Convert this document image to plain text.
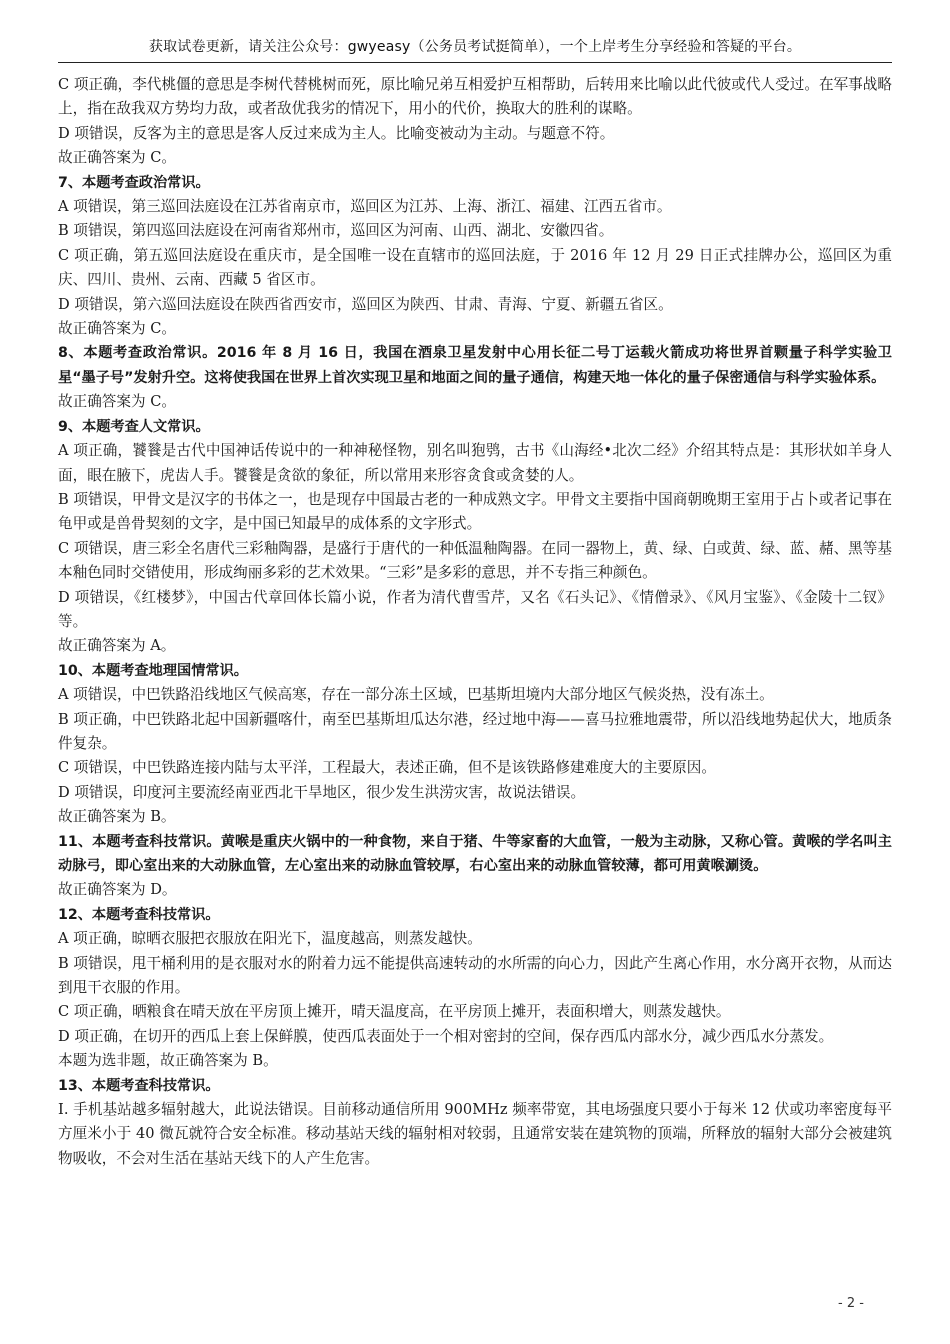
获取试卷更新，请关注公众号：gwyeasy（公务员考试挺简单），一个上岸考生分享经验和答疑的平台。

C 项正确，李代桃僵的意思是李树代替桃树而死，原比喻兄弟互相爱护互相帮助，后转用来比喻以此代彼或代人受过。在军事战略上，指在敌我双方势均力敌，或者敌优我劣的情况下，用小的代价，换取大的胜利的谋略。

D 项错误，反客为主的意思是客人反过来成为主人。比喻变被动为主动。与题意不符。

故正确答案为 C。

7、本题考查政治常识。

A 项错误，第三巡回法庭设在江苏省南京市，巡回区为江苏、上海、浙江、福建、江西五省市。

B 项错误，第四巡回法庭设在河南省郑州市，巡回区为河南、山西、湖北、安徽四省。

C 项正确，第五巡回法庭设在重庆市，是全国唯一设在直辖市的巡回法庭，于 2016 年 12 月 29 日正式挂牌办公，巡回区为重庆、四川、贵州、云南、西藏 5 省区市。

D 项错误，第六巡回法庭设在陕西省西安市，巡回区为陕西、甘肃、青海、宁夏、新疆五省区。

故正确答案为 C。

8、本题考查政治常识。2016 年 8 月 16 日，我国在酒泉卫星发射中心用长征二号丁运载火箭成功将世界首颗量子科学实验卫星“墨子号”发射升空。这将使我国在世界上首次实现卫星和地面之间的量子通信，构建天地一体化的量子保密通信与科学实验体系。

故正确答案为 C。

9、本题考查人文常识。

A 项正确，饕餮是古代中国神话传说中的一种神秘怪物，别名叫狍鸮，古书《山海经•北次二经》介绍其特点是：其形状如羊身人面，眼在腋下，虎齿人手。饕餮是贪欲的象征，所以常用来形容贪食或贪婪的人。

B 项错误，甲骨文是汉字的书体之一，也是现存中国最古老的一种成熟文字。甲骨文主要指中国商朝晚期王室用于占卜或者记事在龟甲或是兽骨契刻的文字，是中国已知最早的成体系的文字形式。

C 项错误，唐三彩全名唐代三彩釉陶器，是盛行于唐代的一种低温釉陶器。在同一器物上，黄、绿、白或黄、绿、蓝、赭、黑等基本釉色同时交错使用，形成绚丽多彩的艺术效果。“三彩”是多彩的意思，并不专指三种颜色。

D 项错误，《红楼梦》，中国古代章回体长篇小说，作者为清代曹雪芹，又名《石头记》、《情僧录》、《风月宝鉴》、《金陵十二钗》等。

故正确答案为 A。

10、本题考查地理国情常识。

A 项错误，中巴铁路沿线地区气候高寒，存在一部分冻土区域，巴基斯坦境内大部分地区气候炎热，没有冻土。

B 项正确，中巴铁路北起中国新疆喀什，南至巴基斯坦瓜达尔港，经过地中海——喜马拉雅地震带，所以沿线地势起伏大，地质条件复杂。

C 项错误，中巴铁路连接内陆与太平洋，工程最大，表述正确，但不是该铁路修建难度大的主要原因。

D 项错误，印度河主要流经南亚西北干旱地区，很少发生洪涝灾害，故说法错误。

故正确答案为 B。

11、本题考查科技常识。黄喉是重庆火锅中的一种食物，来自于猪、牛等家畜的大血管，一般为主动脉，又称心管。黄喉的学名叫主动脉弓，即心室出来的大动脉血管，左心室出来的动脉血管较厚，右心室出来的动脉血管较薄，都可用黄喉涮烫。

故正确答案为 D。

12、本题考查科技常识。

A 项正确，晾晒衣服把衣服放在阳光下，温度越高，则蒸发越快。

B 项错误，甩干桶利用的是衣服对水的附着力远不能提供高速转动的水所需的向心力，因此产生离心作用，水分离开衣物，从而达到甩干衣服的作用。

C 项正确，晒粮食在晴天放在平房顶上摊开，晴天温度高，在平房顶上摊开，表面积增大，则蒸发越快。

D 项正确，在切开的西瓜上套上保鲜膜，使西瓜表面处于一个相对密封的空间，保存西瓜内部水分，减少西瓜水分蒸发。

本题为选非题，故正确答案为 B。

13、本题考查科技常识。

Ⅰ. 手机基站越多辐射越大，此说法错误。目前移动通信所用 900MHz 频率带宽，其电场强度只要小于每米 12 伏或功率密度每平方厘米小于 40 微瓦就符合安全标准。移动基站天线的辐射相对较弱，且通常安装在建筑物的顶端，所释放的辐射大部分会被建筑物吸收，不会对生活在基站天线下的人产生危害。

- 2 -
